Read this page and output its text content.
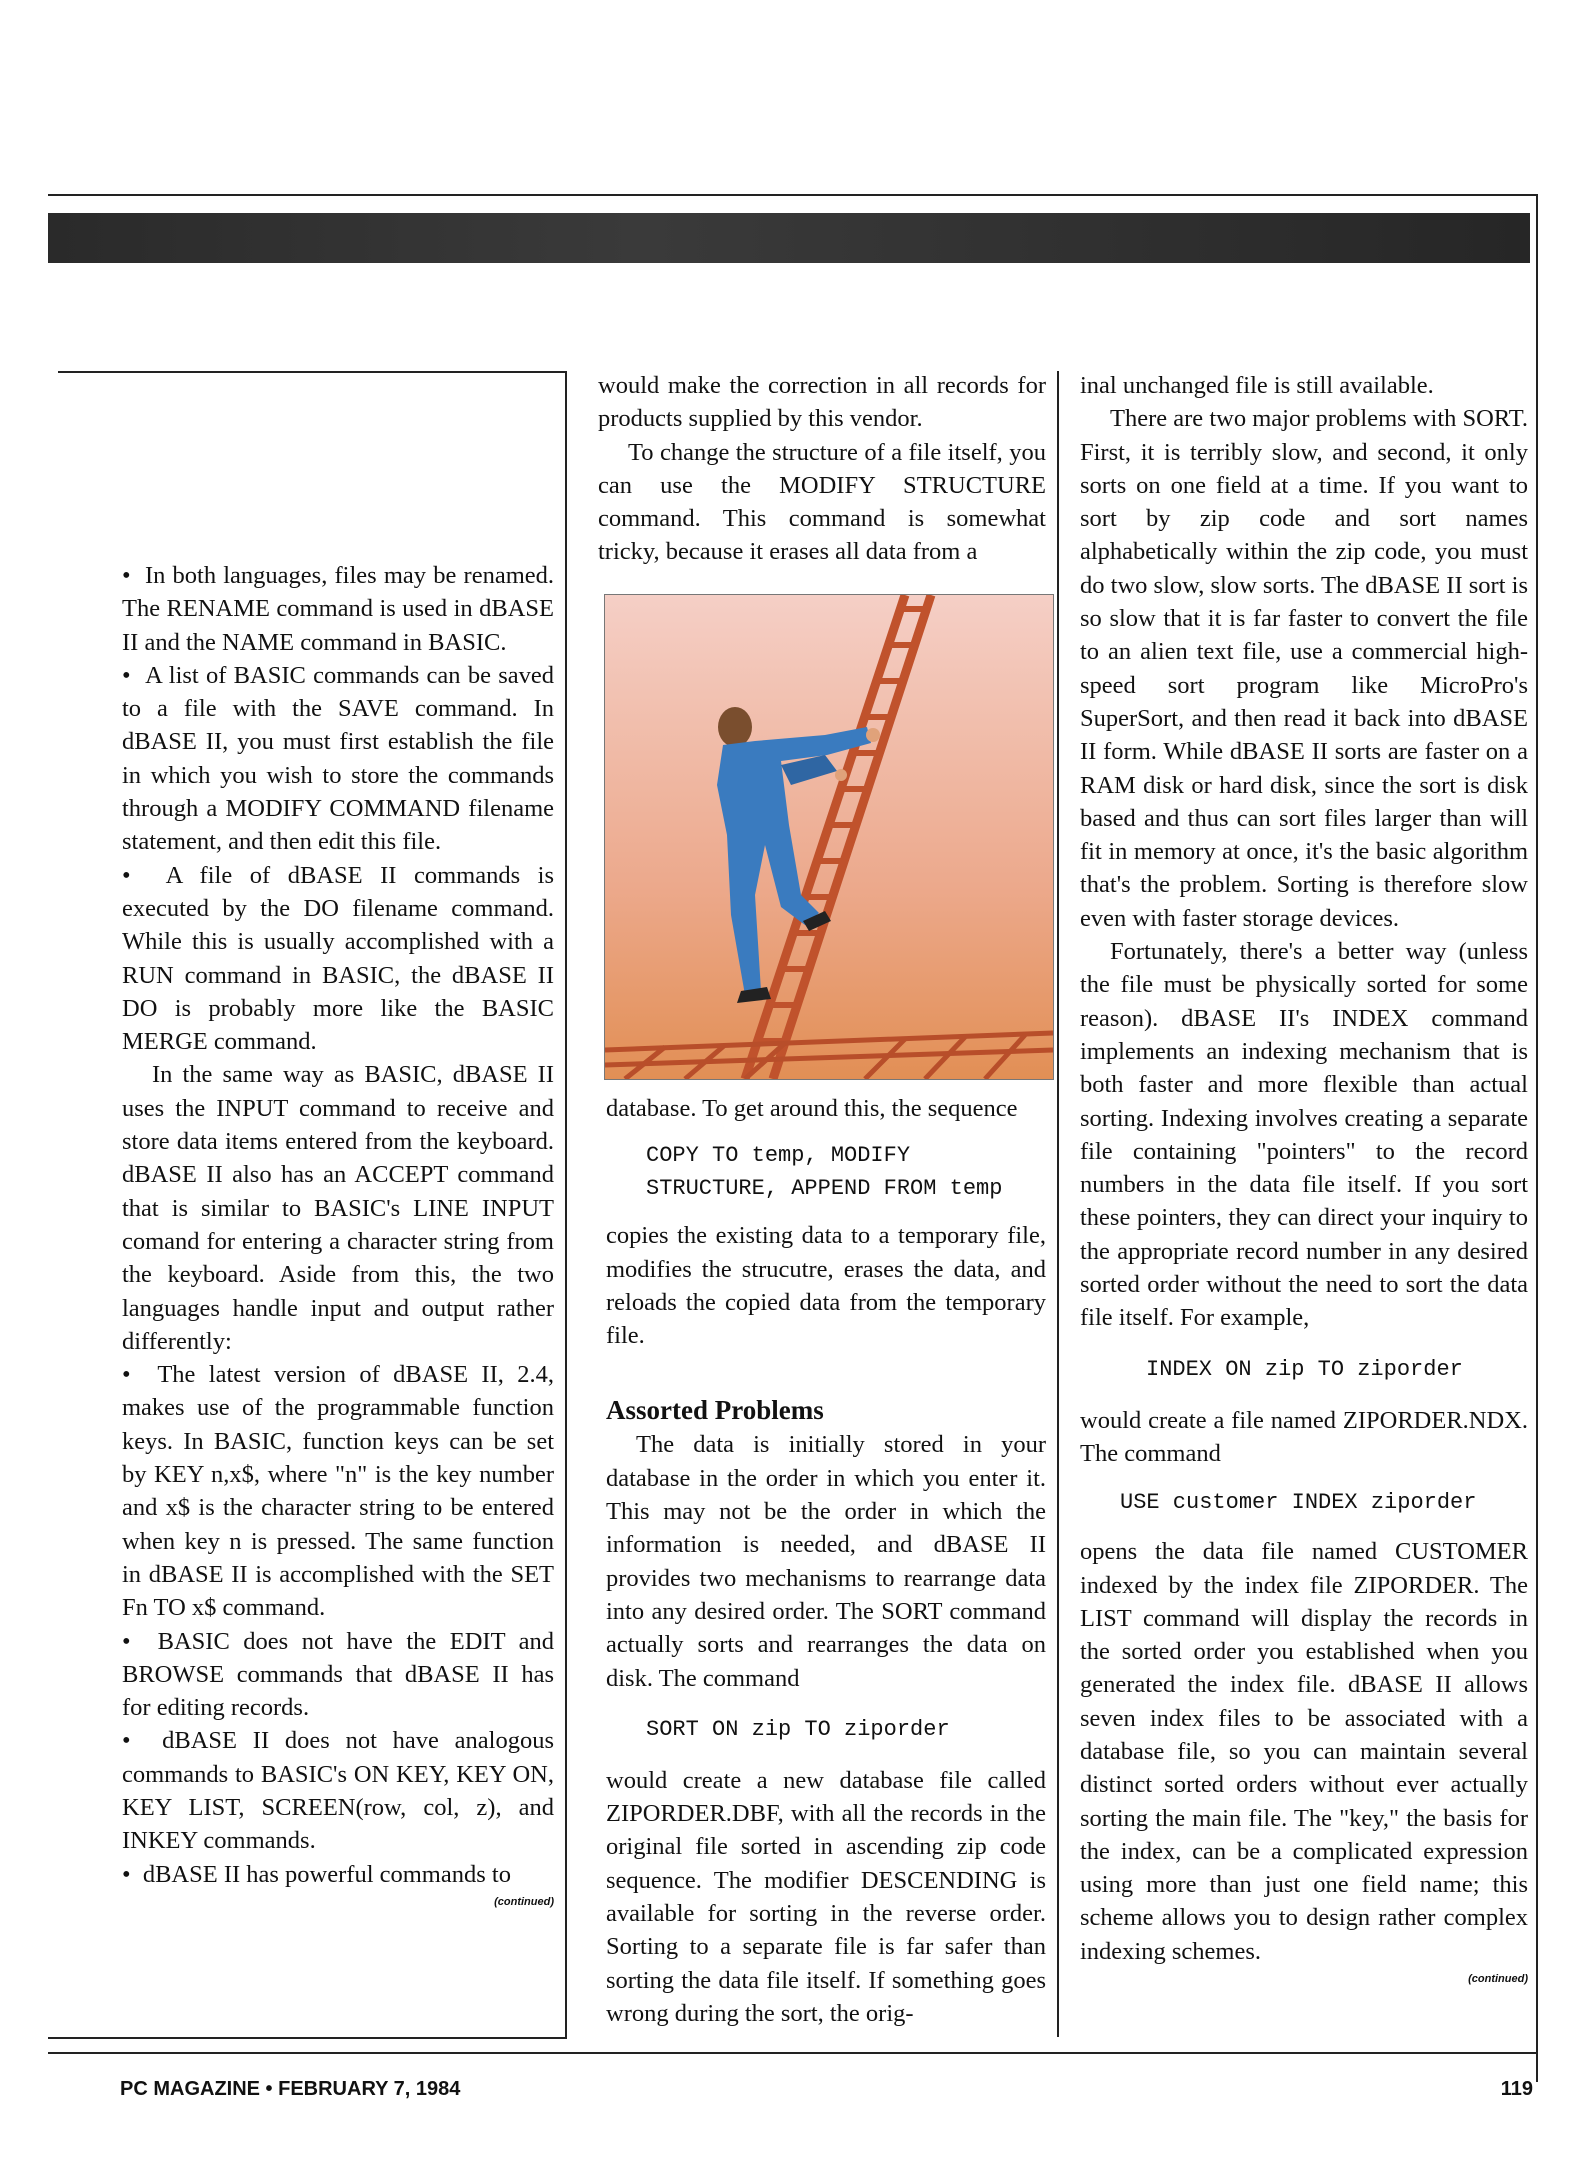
•  In both languages, files may be renamed. The RENAME command is used in dBASE II and the NAME command in BASIC.

•  A list of BASIC commands can be saved to a file with the SAVE command. In dBASE II, you must first establish the file in which you wish to store the commands through a MODIFY COMMAND filename statement, and then edit this file.

•  A file of dBASE II commands is executed by the DO filename command. While this is usually accomplished with a RUN command in BASIC, the dBASE II DO is probably more like the BASIC MERGE command.

In the same way as BASIC, dBASE II uses the INPUT command to receive and store data items entered from the keyboard. dBASE II also has an ACCEPT command that is similar to BASIC's LINE INPUT comand for entering a character string from the keyboard. Aside from this, the two languages handle input and output rather differently:

•  The latest version of dBASE II, 2.4, makes use of the programmable function keys. In BASIC, function keys can be set by KEY n,x$, where "n" is the key number and x$ is the character string to be entered when key n is pressed. The same function in dBASE II is accomplished with the SET Fn TO x$ command.

•  BASIC does not have the EDIT and BROWSE commands that dBASE II has for editing records.

•  dBASE II does not have analogous commands to BASIC's ON KEY, KEY ON, KEY LIST, SCREEN(row, col, z), and INKEY commands.

•  dBASE II has powerful commands to

(continued)

would make the correction in all records for products supplied by this vendor.

To change the structure of a file itself, you can use the MODIFY STRUCTURE command. This command is somewhat tricky, because it erases all data from a

database. To get around this, the sequence

COPY TO temp, MODIFY
STRUCTURE, APPEND FROM temp

copies the existing data to a temporary file, modifies the strucutre, erases the data, and reloads the copied data from the temporary file.

Assorted Problems

The data is initially stored in your database in the order in which you enter it. This may not be the order in which the information is needed, and dBASE II provides two mechanisms to rearrange data into any desired order. The SORT command actually sorts and rearranges the data on disk. The command

SORT ON zip TO ziporder

would create a new database file called ZIPORDER.DBF, with all the records in the original file sorted in ascending zip code sequence. The modifier DESCENDING is available for sorting in the reverse order. Sorting to a separate file is far safer than sorting the data file itself. If something goes wrong during the sort, the orig-

inal unchanged file is still available.

There are two major problems with SORT. First, it is terribly slow, and second, it only sorts on one field at a time. If you want to sort by zip code and sort names alphabetically within the zip code, you must do two slow, slow sorts. The dBASE II sort is so slow that it is far faster to convert the file to an alien text file, use a commercial high-speed sort program like MicroPro's SuperSort, and then read it back into dBASE II form. While dBASE II sorts are faster on a RAM disk or hard disk, since the sort is disk based and thus can sort files larger than will fit in memory at once, it's the basic algorithm that's the problem. Sorting is therefore slow even with faster storage devices.

Fortunately, there's a better way (unless the file must be physically sorted for some reason). dBASE II's INDEX command implements an indexing mechanism that is both faster and more flexible than actual sorting. Indexing involves creating a separate file containing "pointers" to the record numbers in the data file itself. If you sort these pointers, they can direct your inquiry to the appropriate record number in any desired sorted order without the need to sort the data file itself. For example,

INDEX ON zip TO ziporder

would create a file named ZIPORDER.NDX. The command

USE customer INDEX ziporder

opens the data file named CUSTOMER indexed by the index file ZIPORDER. The LIST command will display the records in the sorted order you established when you generated the index file. dBASE II allows seven index files to be associated with a database file, so you can maintain several distinct sorted orders without ever actually sorting the main file. The "key," the basis for the index, can be a complicated expression using more than just one field name; this scheme allows you to design rather complex indexing schemes.

(continued)

PC MAGAZINE • FEBRUARY 7, 1984	119
